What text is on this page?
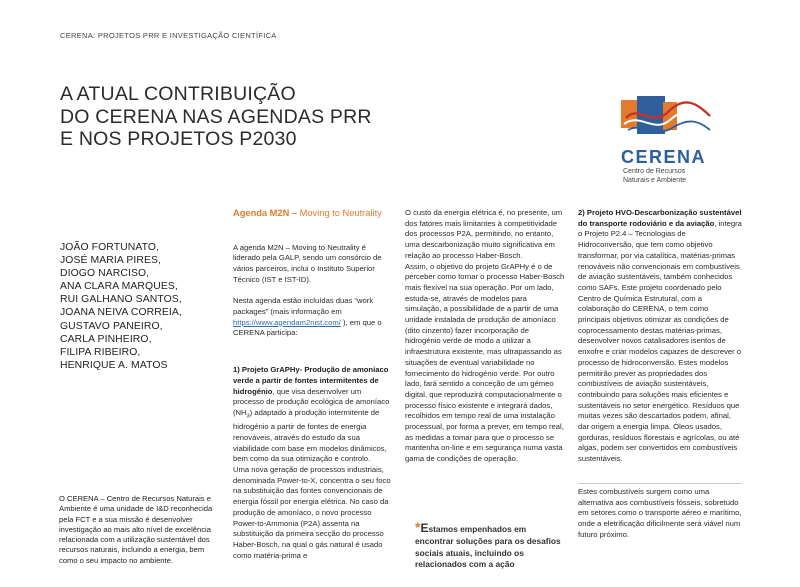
CERENA: PROJETOS PRR E INVESTIGAÇÃO CIENTÍFICA
A ATUAL CONTRIBUIÇÃO
DO CERENA NAS AGENDAS PRR
E NOS PROJETOS P2030
CERENA
Centro de Recursos
Naturais e Ambiente
JOÃO FORTUNATO,
JOSÉ MARIA PIRES,
DIOGO NARCISO,
ANA CLARA MARQUES,
RUI GALHANO SANTOS,
JOANA NEIVA CORREIA,
GUSTAVO PANEIRO,
CARLA PINHEIRO,
FILIPA RIBEIRO,
HENRIQUE A. MATOS
O CERENA – Centro de Recursos Naturais e Ambiente é uma unidade de I&D reconhecida pela FCT e a sua missão é desenvolver investigação ao mais alto nível de excelência relacionada com a utilização sustentável dos recursos naturais, incluindo a energia, bem como o seu impacto no ambiente.

Agenda M2N – Moving to Neutrality

A agenda M2N – Moving to Neutrality é liderado pela GALP, sendo um consórcio de vários parceiros, inclui o Instituto Superior Técnico (IST e IST-ID).

Nesta agenda estão incluídas duas “work packages” (mais informação em https://www.agendam2nist.com/ ), em que o CERENA participa:

1) Projeto GrAPHy- Produção de amoníaco verde a partir de fontes intermitentes de hidrogénio, que visa desenvolver um processo de produção ecológica de amoníaco $(NH_3)$ adaptado à produção intermitente de hidrogénio a partir de fontes de energia renováveis, através do estudo da sua viabilidade com base em modelos dinâmicos, bem como da sua otimização e controlo.

Uma nova geração de processos industriais, denominada Power-to-X, concentra o seu foco na substituição das fontes convencionais de energia fóssil por energia elétrica. No caso da produção de amoníaco, o novo processo Power-to-Ammonia (P2A) assenta na substituição da primeira secção do processo Haber-Bosch, na qual o gás natural é usado como matéria-prima e

O custo da energia elétrica é, no presente, um dos fatores mais limitantes à competitividade dos processos P2A, permitindo, no entanto, uma descarbonização muito significativa em relação ao processo Haber-Bosch.

Assim, o objetivo do projeto GrAPHy é o de perceber como tornar o processo Haber-Bosch mais flexível na sua operação. Por um lado, estuda-se, através de modelos para simulação, a possibilidade de a partir de uma unidade instalada de produção de amoníaco (dito cinzento) fazer incorporação de hidrogénio verde de modo a utilizar a infraestrutura existente, mas ultrapassando as situações de eventual variabilidade no fornecimento do hidrogénio verde. Por outro lado, fará sentido a conceção de um gémeo digital, que reproduzirá computacionalmente o processo físico existente e integrará dados, recolhidos em tempo real de uma instalação processual, por forma a prever, em tempo real, as medidas a tomar para que o processo se mantenha on-line e em segurança numa vasta gama de condições de operação.

*Estamos empenhados em encontrar soluções para os desafios sociais atuais, incluindo os relacionados com a ação

2) Projeto HVO-Descarbonização sustentável do transporte rodoviário e da aviação, integra o Projeto P2.4 – Tecnologias de Hidroconversão, que tem como objetivo transformar, por via catalítica, matérias-primas renováveis não convencionais em combustíveis de aviação sustentáveis, também conhecidos como SAFs. Este projeto coordenado pelo Centro de Química Estrutural, com a colaboração do CERENA, o tem como principais objetivos otimizar as condições de coprocessamento destas matérias-primas, desenvolver novos catalisadores isentos de enxofre e criar modelos capazes de descrever o processo de hidroconversão. Estes modelos permitirão prever as propriedades dos combustíveis de aviação sustentáveis, contribuindo para soluções mais eficientes e sustentáveis no setor energético. Resíduos que muitas vezes são descartados podem, afinal, dar origem a energia limpa. Óleos usados, gorduras, resíduos florestais e agrícolas, ou até algas, podem ser convertidos em combustíveis sustentáveis.

Estes combustíveis surgem como uma alternativa aos combustíveis fósseis, sobretudo em setores como o transporte aéreo e marítimo, onde a eletrificação dificilmente será viável num futuro próximo.
